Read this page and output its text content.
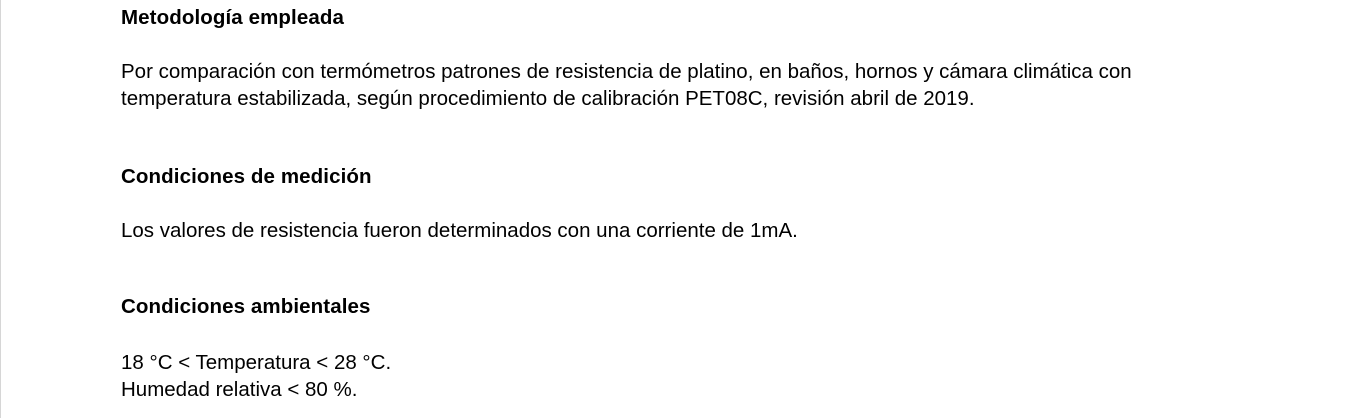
Metodología empleada

Por comparación con termómetros patrones de resistencia de platino, en baños, hornos y cámara climática con
temperatura estabilizada, según procedimiento de calibración PET08C, revisión abril de 2019.

Condiciones de medición

Los valores de resistencia fueron determinados con una corriente de 1mA.

Condiciones ambientales

18 °C < Temperatura < 28 °C.
Humedad relativa < 80 %.
